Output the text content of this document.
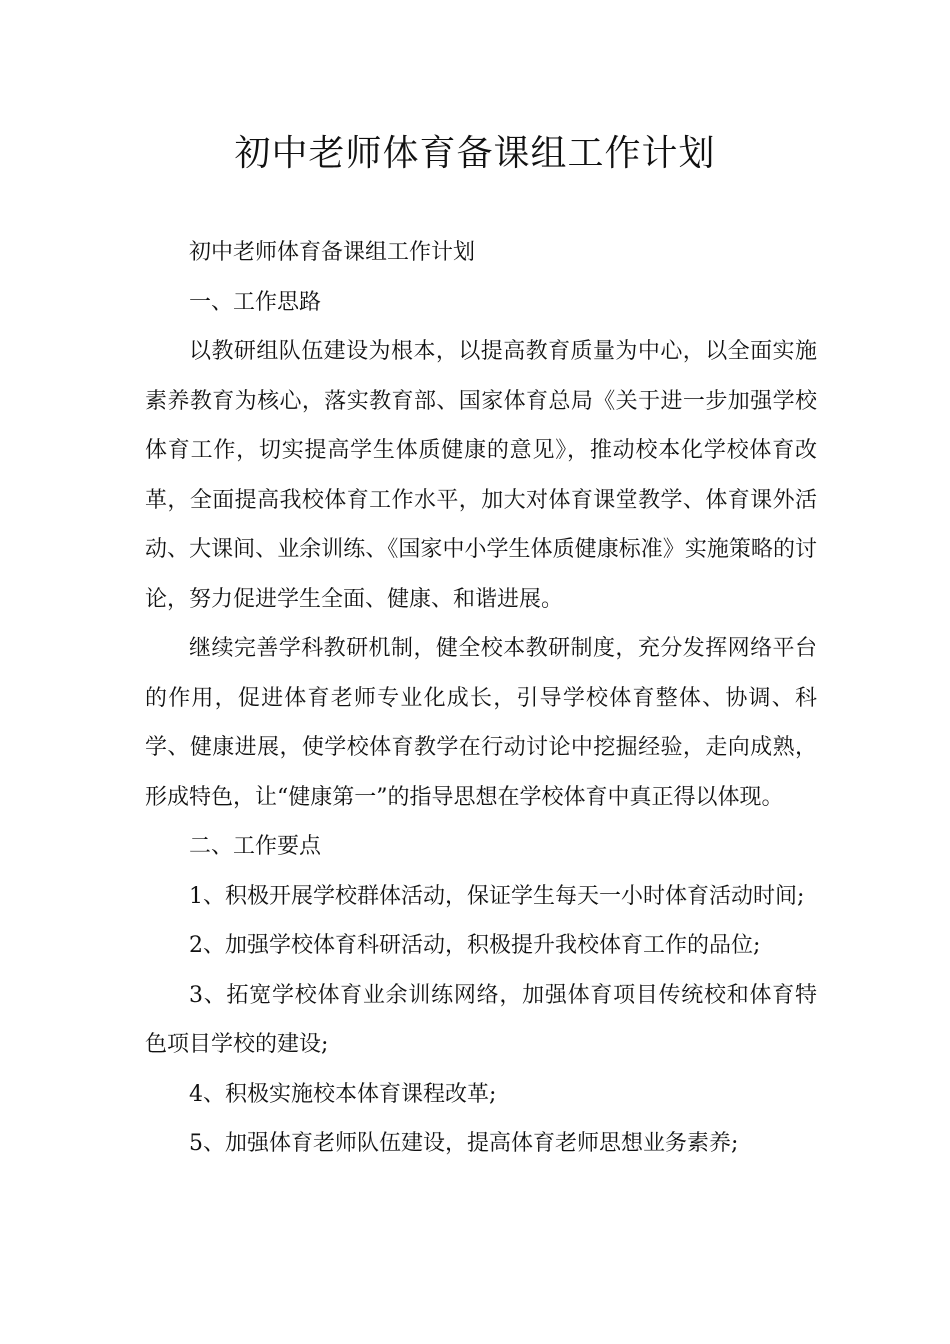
初中老师体育备课组工作计划

初中老师体育备课组工作计划

一、工作思路

以教研组队伍建设为根本，以提高教育质量为中心，以全面实施素养教育为核心，落实教育部、国家体育总局《关于进一步加强学校体育工作，切实提高学生体质健康的意见》，推动校本化学校体育改革，全面提高我校体育工作水平，加大对体育课堂教学、体育课外活动、大课间、业余训练、《国家中小学生体质健康标准》实施策略的讨论，努力促进学生全面、健康、和谐进展。

继续完善学科教研机制，健全校本教研制度，充分发挥网络平台的作用，促进体育老师专业化成长，引导学校体育整体、协调、科学、健康进展，使学校体育教学在行动讨论中挖掘经验，走向成熟，形成特色，让“健康第一”的指导思想在学校体育中真正得以体现。

二、工作要点

1、积极开展学校群体活动，保证学生每天一小时体育活动时间;

2、加强学校体育科研活动，积极提升我校体育工作的品位;

3、拓宽学校体育业余训练网络，加强体育项目传统校和体育特色项目学校的建设;

4、积极实施校本体育课程改革;

5、加强体育老师队伍建设，提高体育老师思想业务素养;
